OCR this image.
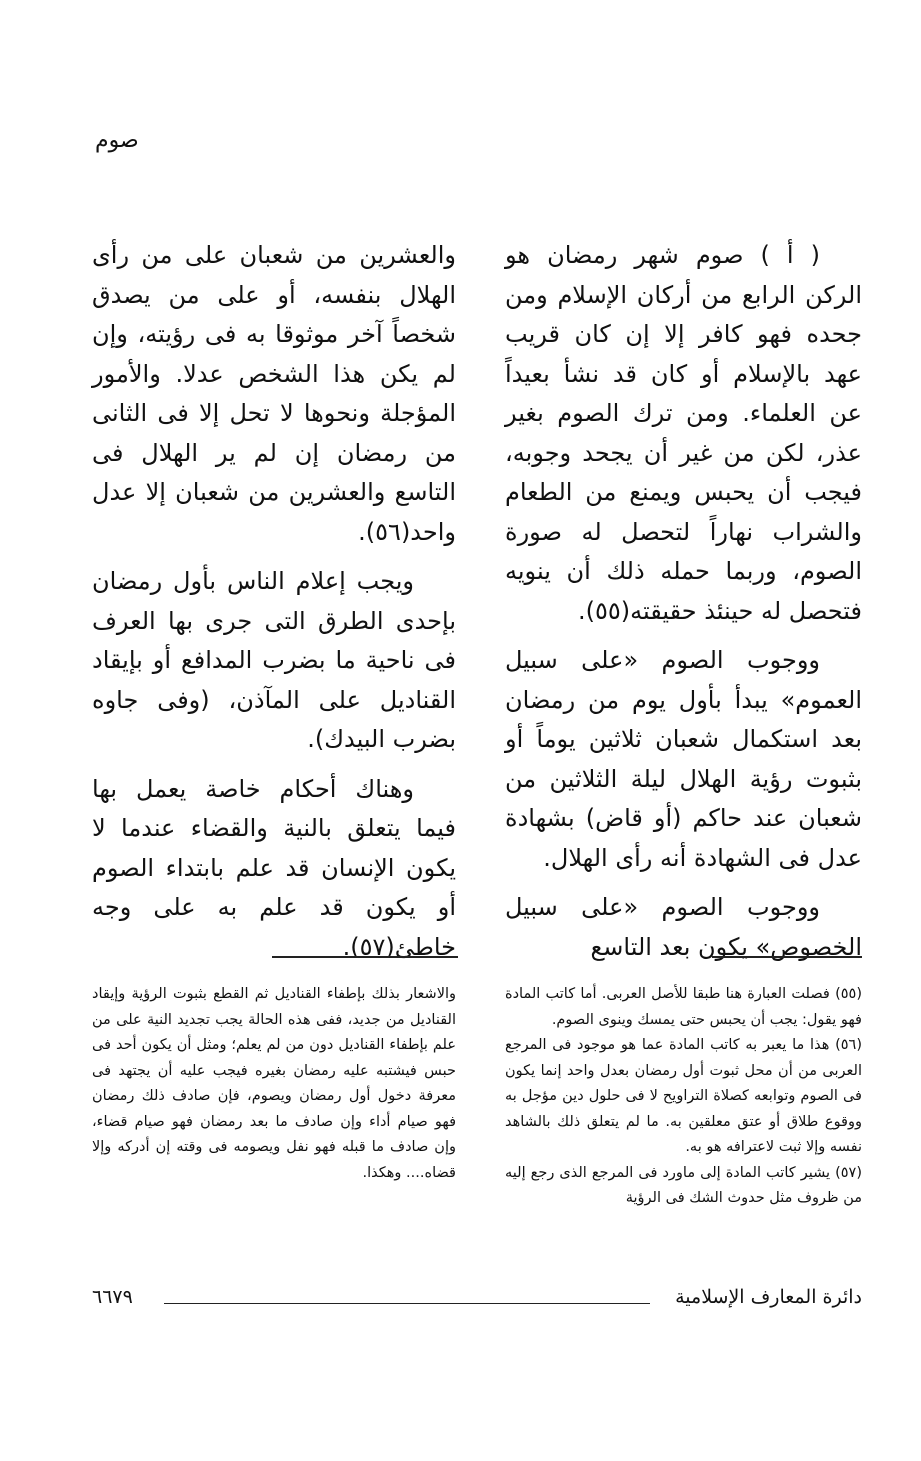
صوم

( أ ) صوم شهر رمضان هو الركن الرابع من أركان الإسلام ومن جحده فهو كافر إلا إن كان قريب عهد بالإسلام أو كان قد نشأ بعيداً عن العلماء. ومن ترك الصوم بغير عذر، لكن من غير أن يجحد وجوبه، فيجب أن يحبس ويمنع من الطعام والشراب نهاراً لتحصل له صورة الصوم، وربما حمله ذلك أن ينويه فتحصل له حينئذ حقيقته(٥٥).

ووجوب الصوم «على سبيل العموم» يبدأ بأول يوم من رمضان بعد استكمال شعبان ثلاثين يوماً أو بثبوت رؤية الهلال ليلة الثلاثين من شعبان عند حاكم (أو قاض) بشهادة عدل فى الشهادة أنه رأى الهلال.

ووجوب الصوم «على سبيل الخصوص» يكون بعد التاسع

والعشرين من شعبان على من رأى الهلال بنفسه، أو على من يصدق شخصاً آخر موثوقا به فى رؤيته، وإن لم يكن هذا الشخص عدلا. والأمور المؤجلة ونحوها لا تحل إلا فى الثانى من رمضان إن لم ير الهلال فى التاسع والعشرين من شعبان إلا عدل واحد(٥٦).

ويجب إعلام الناس بأول رمضان بإحدى الطرق التى جرى بها العرف فى ناحية ما بضرب المدافع أو بإيقاد القناديل على المآذن، (وفى جاوه بضرب البيدك).

وهناك أحكام خاصة يعمل بها فيما يتعلق بالنية والقضاء عندما لا يكون الإنسان قد علم بابتداء الصوم أو يكون قد علم به على وجه خاطئ(٥٧).

(٥٥) فصلت العبارة هنا طبقا للأصل العربى. أما كاتب المادة فهو يقول: يجب أن يحبس حتى يمسك وينوى الصوم.

(٥٦) هذا ما يعبر به كاتب المادة عما هو موجود فى المرجع العربى من أن محل ثبوت أول رمضان بعدل واحد إنما يكون فى الصوم وتوابعه كصلاة التراويح لا فى حلول دين مؤجل به ووقوع طلاق أو عتق معلقين به. ما لم يتعلق ذلك بالشاهد نفسه وإلا ثبت لاعترافه هو به.

(٥٧) يشير كاتب المادة إلى ماورد فى المرجع الذى رجع إليه من ظروف مثل حدوث الشك فى الرؤية

والاشعار بذلك بإطفاء القناديل ثم القطع بثبوت الرؤية وإيقاد القناديل من جديد، ففى هذه الحالة يجب تجديد النية على من علم بإطفاء القناديل دون من لم يعلم؛ ومثل أن يكون أحد فى حبس فيشتبه عليه رمضان بغيره فيجب عليه أن يجتهد فى معرفة دخول أول رمضان ويصوم، فإن صادف ذلك رمضان فهو صيام أداء وإن صادف ما بعد رمضان فهو صيام قضاء، وإن صادف ما قبله فهو نفل ويصومه فى وقته إن أدركه وإلا قضاه.... وهكذا.

دائرة المعارف الإسلامية
٦٦٧٩
